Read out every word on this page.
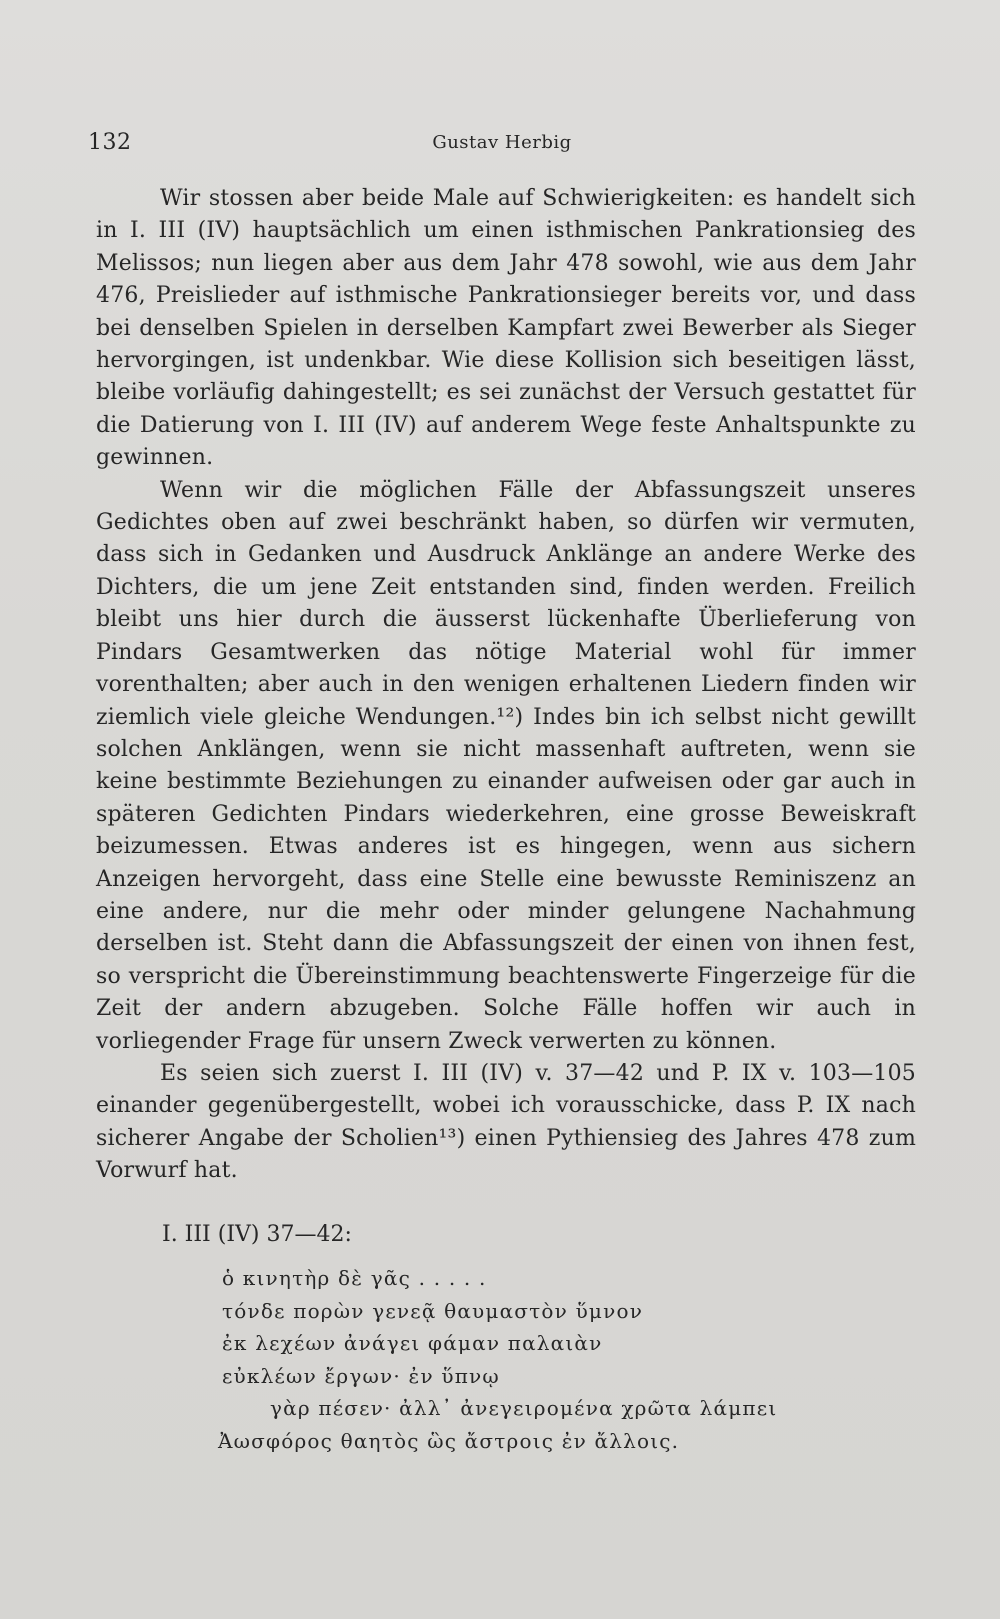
132	Gustav Herbig

Wir stossen aber beide Male auf Schwierigkeiten: es handelt sich in I. III (IV) hauptsächlich um einen isthmischen Pankrationsieg des Melissos; nun liegen aber aus dem Jahr 478 sowohl, wie aus dem Jahr 476, Preislieder auf isthmische Pankrationsieger bereits vor, und dass bei denselben Spielen in derselben Kampfart zwei Bewerber als Sieger hervorgingen, ist undenkbar. Wie diese Kollision sich beseitigen lässt, bleibe vorläufig dahingestellt; es sei zunächst der Versuch gestattet für die Datierung von I. III (IV) auf anderem Wege feste Anhaltspunkte zu gewinnen.

Wenn wir die möglichen Fälle der Abfassungszeit unseres Gedichtes oben auf zwei beschränkt haben, so dürfen wir vermuten, dass sich in Gedanken und Ausdruck Anklänge an andere Werke des Dichters, die um jene Zeit entstanden sind, finden werden. Freilich bleibt uns hier durch die äusserst lückenhafte Überlieferung von Pindars Gesamtwerken das nötige Material wohl für immer vorenthalten; aber auch in den wenigen erhaltenen Liedern finden wir ziemlich viele gleiche Wendungen.¹²) Indes bin ich selbst nicht gewillt solchen Anklängen, wenn sie nicht massenhaft auftreten, wenn sie keine bestimmte Beziehungen zu einander aufweisen oder gar auch in späteren Gedichten Pindars wiederkehren, eine grosse Beweiskraft beizumessen. Etwas anderes ist es hingegen, wenn aus sichern Anzeigen hervorgeht, dass eine Stelle eine bewusste Reminiszenz an eine andere, nur die mehr oder minder gelungene Nachahmung derselben ist. Steht dann die Abfassungszeit der einen von ihnen fest, so verspricht die Übereinstimmung beachtenswerte Fingerzeige für die Zeit der andern abzugeben. Solche Fälle hoffen wir auch in vorliegender Frage für unsern Zweck verwerten zu können.

Es seien sich zuerst I. III (IV) v. 37—42 und P. IX v. 103—105 einander gegenübergestellt, wobei ich vorausschicke, dass P. IX nach sicherer Angabe der Scholien¹³) einen Pythiensieg des Jahres 478 zum Vorwurf hat.

I. III (IV) 37—42:
ὁ κινητὴρ δὲ γᾶς . . . . .
τόνδε πορὼν γενεᾷ θαυμαστὸν ὕμνον
ἐκ λεχέων ἀνάγει φάμαν παλαιὰν
εὐκλέων ἔργων· ἐν ὕπνῳ
γὰρ πέσεν· ἀλλ᾽ ἀνεγειρομένα χρῶτα λάμπει
Ἀωσφόρος θαητὸς ὣς ἄστροις ἐν ἄλλοις.
